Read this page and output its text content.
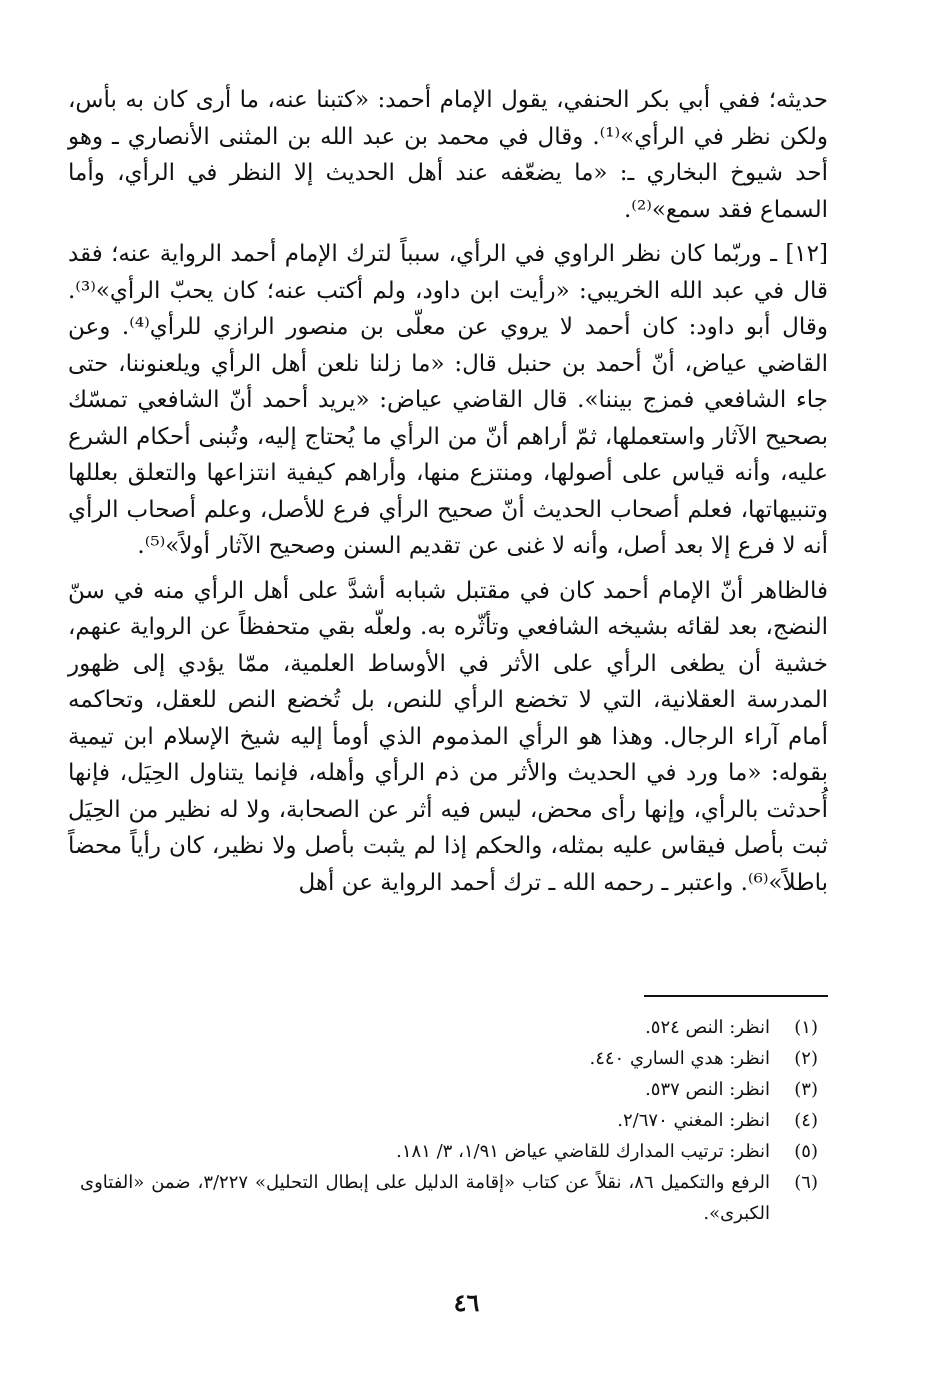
حديثه؛ ففي أبي بكر الحنفي، يقول الإمام أحمد: «كتبنا عنه، ما أرى كان به بأس، ولكن نظر في الرأي»⁽¹⁾. وقال في محمد بن عبد الله بن المثنى الأنصاري ـ وهو أحد شيوخ البخاري ـ: «ما يضعّفه عند أهل الحديث إلا النظر في الرأي، وأما السماع فقد سمع»⁽²⁾.

[١٢] ـ وربّما كان نظر الراوي في الرأي، سبباً لترك الإمام أحمد الرواية عنه؛ فقد قال في عبد الله الخريبي: «رأيت ابن داود، ولم أكتب عنه؛ كان يحبّ الرأي»⁽³⁾. وقال أبو داود: كان أحمد لا يروي عن معلّى بن منصور الرازي للرأي⁽⁴⁾. وعن القاضي عياض، أنّ أحمد بن حنبل قال: «ما زلنا نلعن أهل الرأي ويلعنوننا، حتى جاء الشافعي فمزج بيننا». قال القاضي عياض: «يريد أحمد أنّ الشافعي تمسّك بصحيح الآثار واستعملها، ثمّ أراهم أنّ من الرأي ما يُحتاج إليه، وتُبنى أحكام الشرع عليه، وأنه قياس على أصولها، ومنتزع منها، وأراهم كيفية انتزاعها والتعلق بعللها وتنبيهاتها، فعلم أصحاب الحديث أنّ صحيح الرأي فرع للأصل، وعلم أصحاب الرأي أنه لا فرع إلا بعد أصل، وأنه لا غنى عن تقديم السنن وصحيح الآثار أولاً»⁽⁵⁾.

فالظاهر أنّ الإمام أحمد كان في مقتبل شبابه أشدَّ على أهل الرأي منه في سنّ النضج، بعد لقائه بشيخه الشافعي وتأثّره به. ولعلّه بقي متحفظاً عن الرواية عنهم، خشية أن يطغى الرأي على الأثر في الأوساط العلمية، ممّا يؤدي إلى ظهور المدرسة العقلانية، التي لا تخضع الرأي للنص، بل تُخضع النص للعقل، وتحاكمه أمام آراء الرجال. وهذا هو الرأي المذموم الذي أومأ إليه شيخ الإسلام ابن تيمية بقوله: «ما ورد في الحديث والأثر من ذم الرأي وأهله، فإنما يتناول الحِيَل، فإنها أُحدثت بالرأي، وإنها رأى محض، ليس فيه أثر عن الصحابة، ولا له نظير من الحِيَل ثبت بأصل فيقاس عليه بمثله، والحكم إذا لم يثبت بأصل ولا نظير، كان رأياً محضاً باطلاً»⁽⁶⁾. واعتبر ـ رحمه الله ـ ترك أحمد الرواية عن أهل

(١)
انظر: النص ٥٢٤.
(٢)
انظر: هدي الساري ٤٤٠.
(٣)
انظر: النص ٥٣٧.
(٤)
انظر: المغني ٢/٦٧٠.
(٥)
انظر: ترتيب المدارك للقاضي عياض ١/٩١، ٣/ ١٨١.
(٦)
الرفع والتكميل ٨٦، نقلاً عن كتاب «إقامة الدليل على إبطال التحليل» ٣/٢٢٧، ضمن «الفتاوى الكبرى».
٤٦
